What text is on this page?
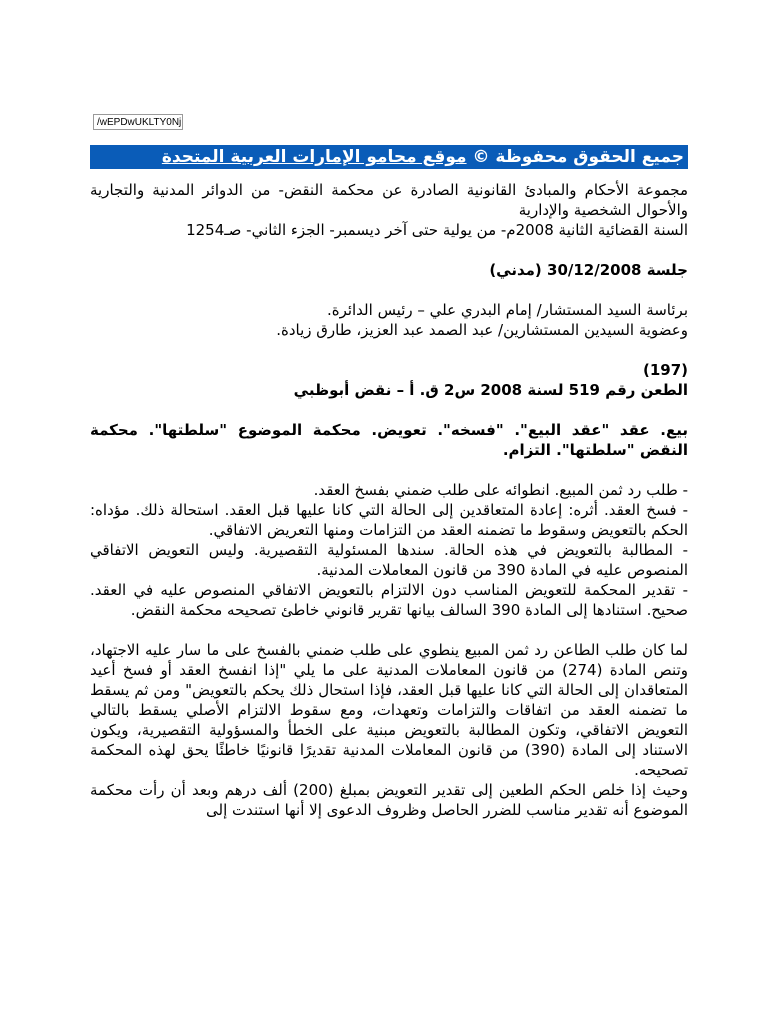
/wEPDwUKLTY0Nj
جميع الحقوق محفوظة © موقع محامو الإمارات العربية المتحدة

مجموعة الأحكام والمبادئ القانونية الصادرة عن محكمة النقض- من الدوائر المدنية والتجارية والأحوال الشخصية والإدارية
السنة القضائية الثانية 2008م- من يولية حتى آخر ديسمبر- الجزء الثاني- صـ1254

جلسة 30/12/2008 (مدني)

برئاسة السيد المستشار/ إمام البدري علي – رئيس الدائرة.
وعضوية السيدين المستشارين/ عبد الصمد عبد العزيز، طارق زيادة.

(197)
الطعن رقم 519 لسنة 2008 س2 ق. أ – نقض أبوظبي

بيع. عقد "عقد البيع". "فسخه". تعويض. محكمة الموضوع "سلطتها". محكمة النقض "سلطتها". التزام.

- طلب رد ثمن المبيع. انطوائه على طلب ضمني بفسخ العقد.
- فسخ العقد. أثره: إعادة المتعاقدين إلى الحالة التي كانا عليها قبل العقد. استحالة ذلك. مؤداه: الحكم بالتعويض وسقوط ما تضمنه العقد من التزامات ومنها التعريض الاتفاقي.
- المطالبة بالتعويض في هذه الحالة. سندها المسئولية التقصيرية. وليس التعويض الاتفاقي المنصوص عليه في المادة 390 من قانون المعاملات المدنية.
- تقدير المحكمة للتعويض المناسب دون الالتزام بالتعويض الاتفاقي المنصوص عليه في العقد. صحيح. استنادها إلى المادة 390 السالف بيانها تقرير قانوني خاطئ تصحيحه محكمة النقض.

لما كان طلب الطاعن رد ثمن المبيع ينطوي على طلب ضمني بالفسخ على ما سار عليه الاجتهاد، وتنص المادة (274) من قانون المعاملات المدنية على ما يلي "إذا انفسخ العقد أو فسخ أعيد المتعاقدان إلى الحالة التي كانا عليها قبل العقد، فإذا استحال ذلك يحكم بالتعويض" ومن ثم يسقط ما تضمنه العقد من اتفاقات والتزامات وتعهدات، ومع سقوط الالتزام الأصلي يسقط بالتالي التعويض الاتفاقي، وتكون المطالبة بالتعويض مبنية على الخطأ والمسؤولية التقصيرية، ويكون الاستناد إلى المادة (390) من قانون المعاملات المدنية تقديرًا قانونيًا خاطئًا يحق لهذه المحكمة تصحيحه.

وحيث إذا خلص الحكم الطعين إلى تقدير التعويض بمبلغ (200) ألف درهم وبعد أن رأت محكمة الموضوع أنه تقدير مناسب للضرر الحاصل وظروف الدعوى إلا أنها استندت إلى
